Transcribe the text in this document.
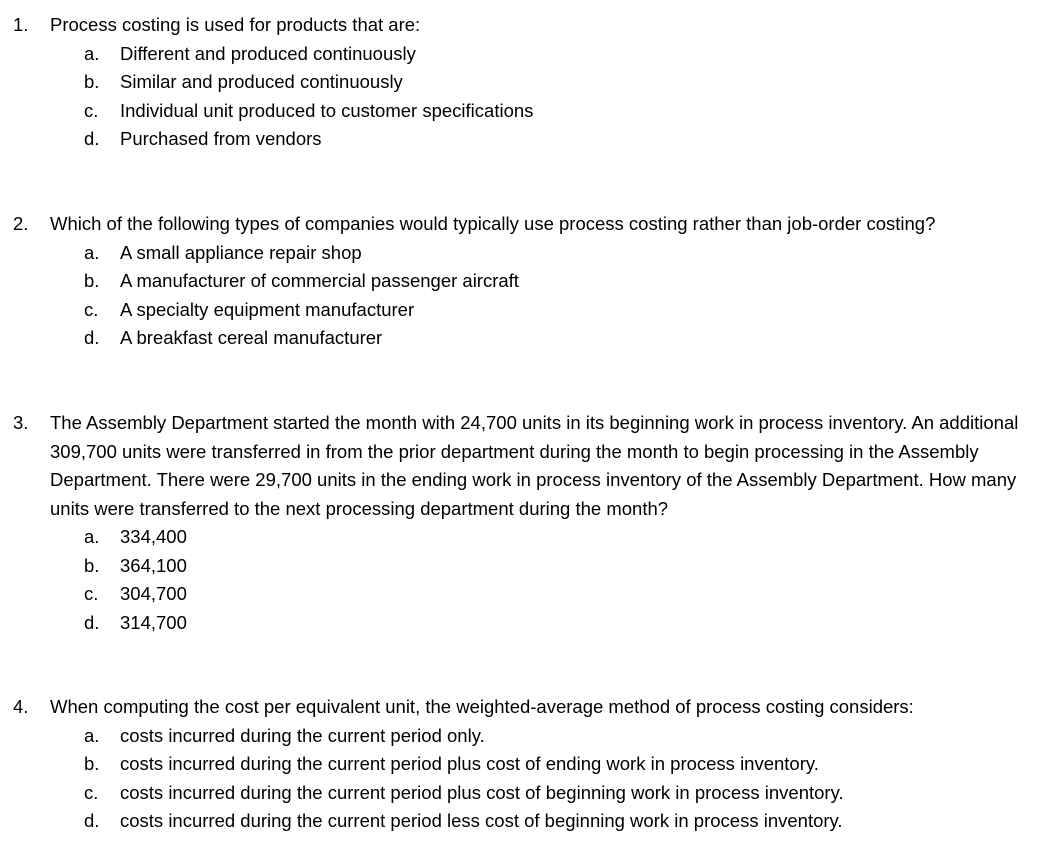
1. Process costing is used for products that are:
a. Different and produced continuously
b. Similar and produced continuously
c. Individual unit produced to customer specifications
d. Purchased from vendors
2. Which of the following types of companies would typically use process costing rather than job-order costing?
a. A small appliance repair shop
b. A manufacturer of commercial passenger aircraft
c. A specialty equipment manufacturer
d. A breakfast cereal manufacturer
3. The Assembly Department started the month with 24,700 units in its beginning work in process inventory. An additional 309,700 units were transferred in from the prior department during the month to begin processing in the Assembly Department. There were 29,700 units in the ending work in process inventory of the Assembly Department. How many units were transferred to the next processing department during the month?
a. 334,400
b. 364,100
c. 304,700
d. 314,700
4. When computing the cost per equivalent unit, the weighted-average method of process costing considers:
a. costs incurred during the current period only.
b. costs incurred during the current period plus cost of ending work in process inventory.
c. costs incurred during the current period plus cost of beginning work in process inventory.
d. costs incurred during the current period less cost of beginning work in process inventory.
